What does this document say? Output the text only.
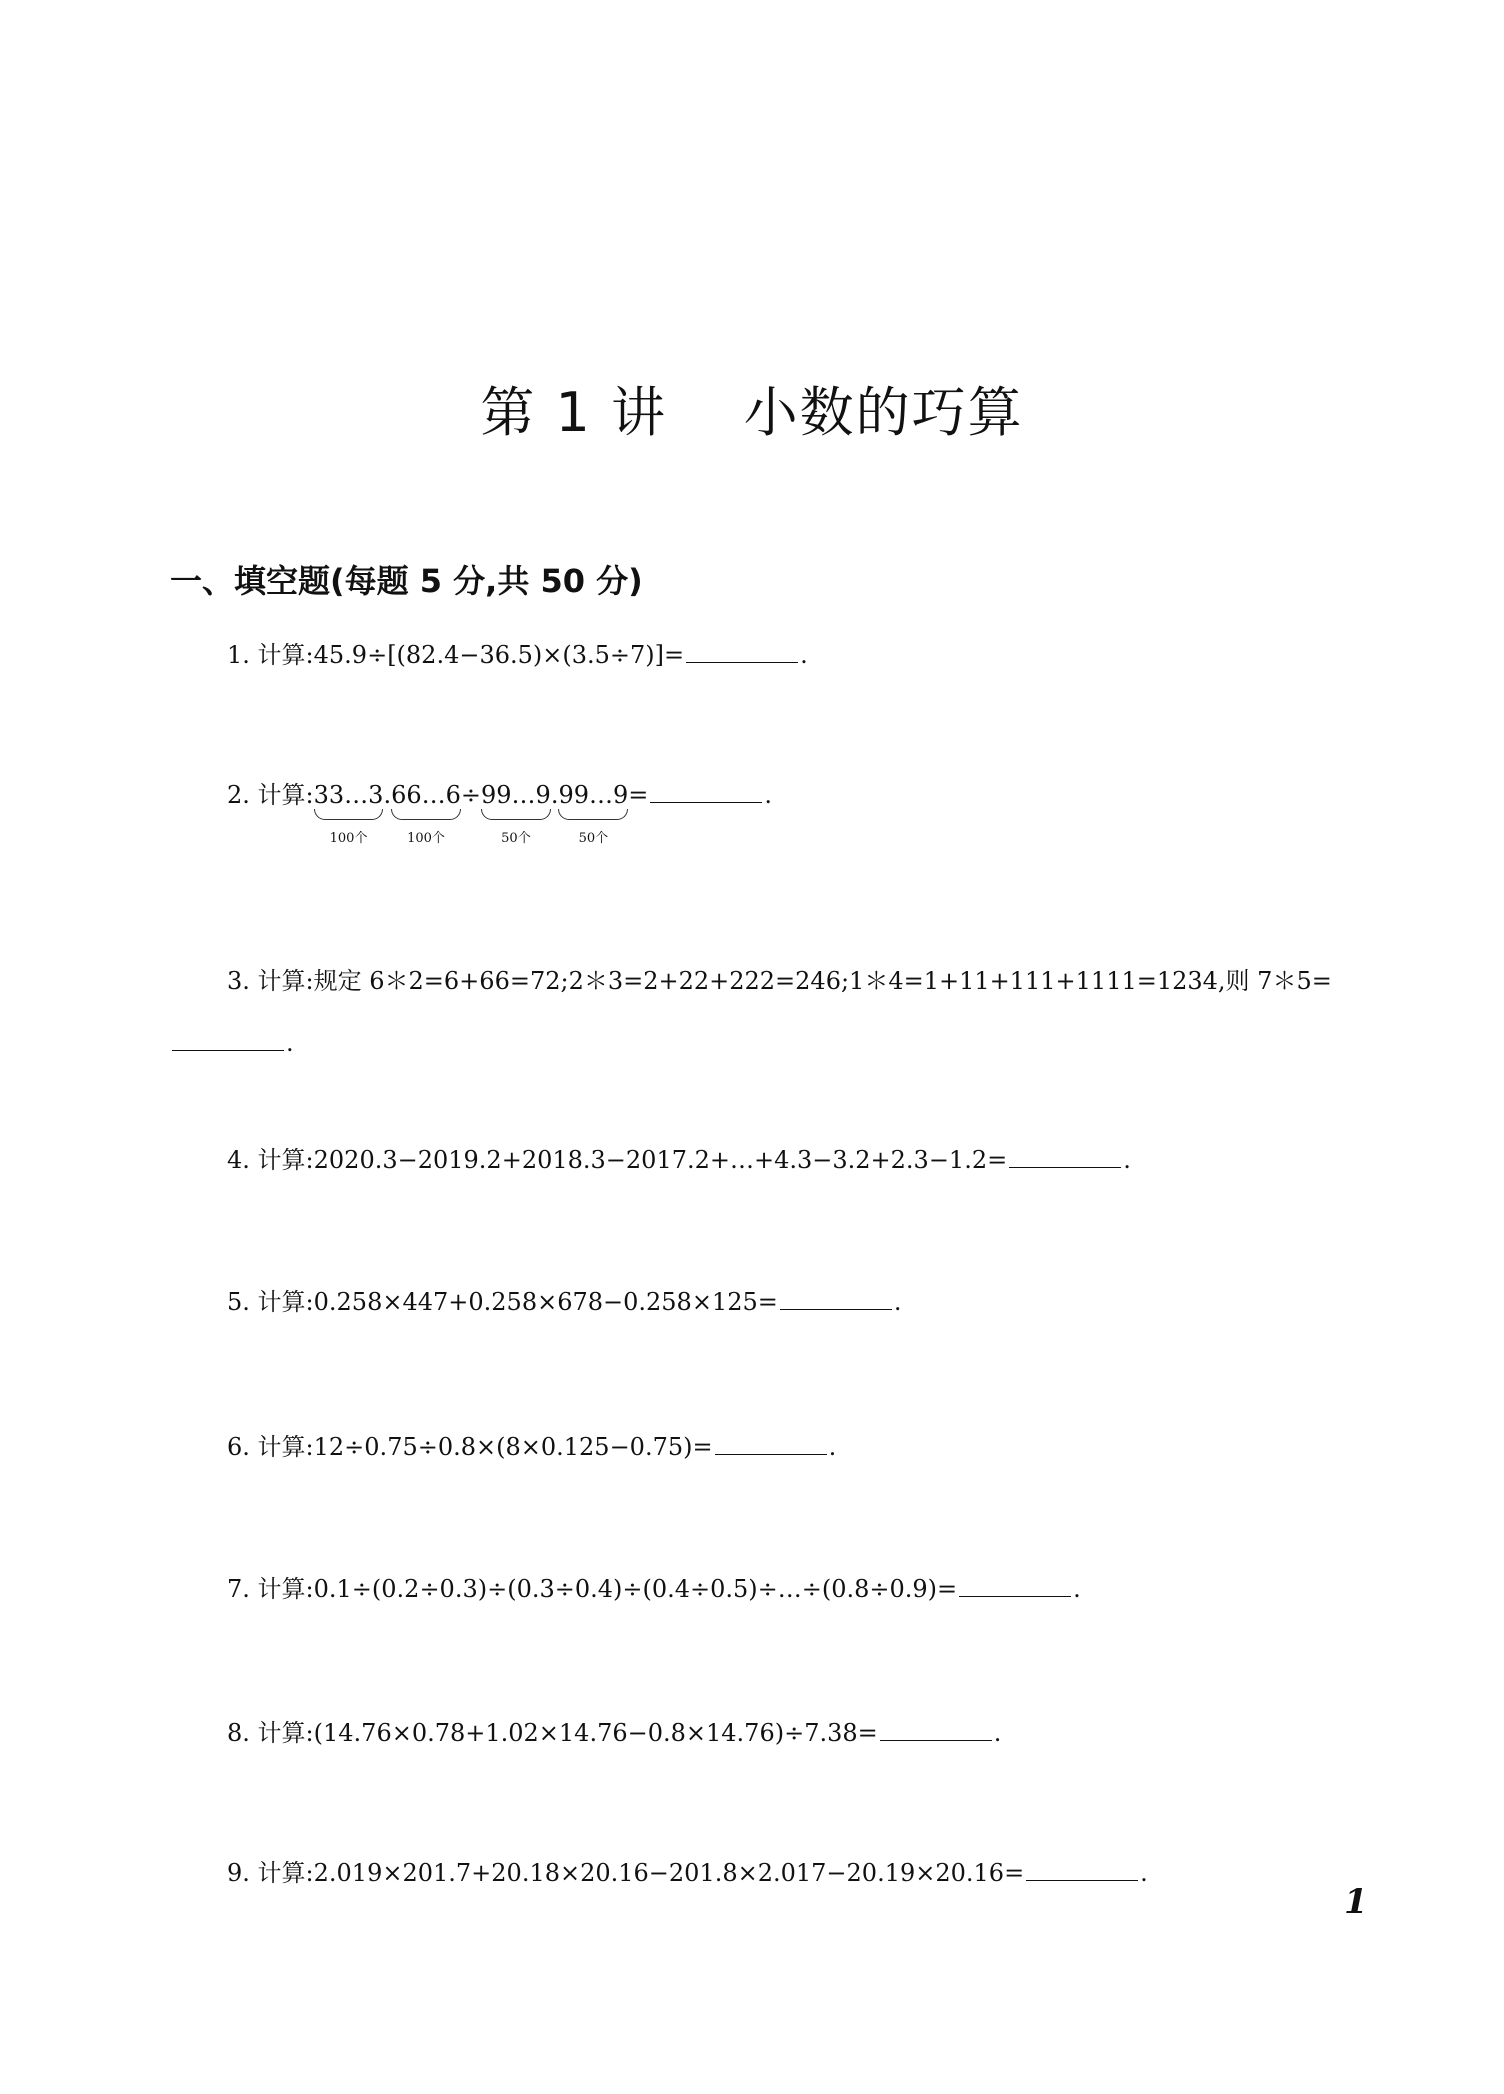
第 1 讲    小数的巧算
一、填空题(每题 5 分,共 50 分)
1. 计算:45.9÷[(82.4−36.5)×(3.5÷7)]=	.
2. 计算:33…3
100个
.66…6
100个
÷99…9
50个
.99…9
50个
=	.
3. 计算:规定 6＊2=6+66=72;2＊3=2+22+222=246;1＊4=1+11+111+1111=1234,则 7＊5=.
4. 计算:2020.3−2019.2+2018.3−2017.2+…+4.3−3.2+2.3−1.2=	.
5. 计算:0.258×447+0.258×678−0.258×125=	.
6. 计算:12÷0.75÷0.8×(8×0.125−0.75)=	.
7. 计算:0.1÷(0.2÷0.3)÷(0.3÷0.4)÷(0.4÷0.5)÷…÷(0.8÷0.9)=	.
8. 计算:(14.76×0.78+1.02×14.76−0.8×14.76)÷7.38=	.
9. 计算:2.019×201.7+20.18×20.16−201.8×2.017−20.19×20.16=	.
1
